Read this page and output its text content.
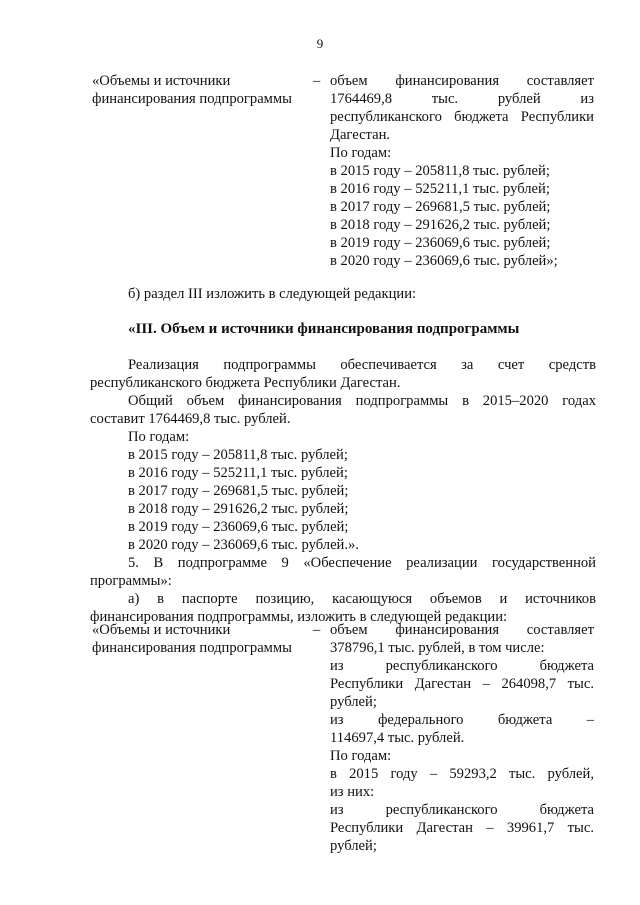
9
«Объемы и источники
финансирования подпрограммы
– объем финансирования составляет
1764469,8 тыс. рублей из
республиканского бюджета Республики
Дагестан.
По годам:
в 2015 году – 205811,8 тыс. рублей;
в 2016 году – 525211,1 тыс. рублей;
в 2017 году – 269681,5 тыс. рублей;
в 2018 году – 291626,2 тыс. рублей;
в 2019 году – 236069,6 тыс. рублей;
в 2020 году – 236069,6 тыс. рублей»;
б) раздел III изложить в следующей редакции:
«III. Объем и источники финансирования подпрограммы
Реализация подпрограммы обеспечивается за счет средств
республиканского бюджета Республики Дагестан.
Общий объем финансирования подпрограммы в 2015–2020 годах
составит 1764469,8 тыс. рублей.
По годам:
в 2015 году – 205811,8 тыс. рублей;
в 2016 году – 525211,1 тыс. рублей;
в 2017 году – 269681,5 тыс. рублей;
в 2018 году – 291626,2 тыс. рублей;
в 2019 году – 236069,6 тыс. рублей;
в 2020 году – 236069,6 тыс. рублей.».
5. В подпрограмме 9 «Обеспечение реализации государственной
программы»:
а) в паспорте позицию, касающуюся объемов и источников
финансирования подпрограммы, изложить в следующей редакции:
«Объемы и источники
финансирования подпрограммы
– объем финансирования составляет
378796,1 тыс. рублей, в том числе:
из республиканского бюджета
Республики Дагестан – 264098,7 тыс.
рублей;
из федерального бюджета –
114697,4 тыс. рублей.
По годам:
в 2015 году – 59293,2 тыс. рублей,
из них:
из республиканского бюджета
Республики Дагестан – 39961,7 тыс.
рублей;
